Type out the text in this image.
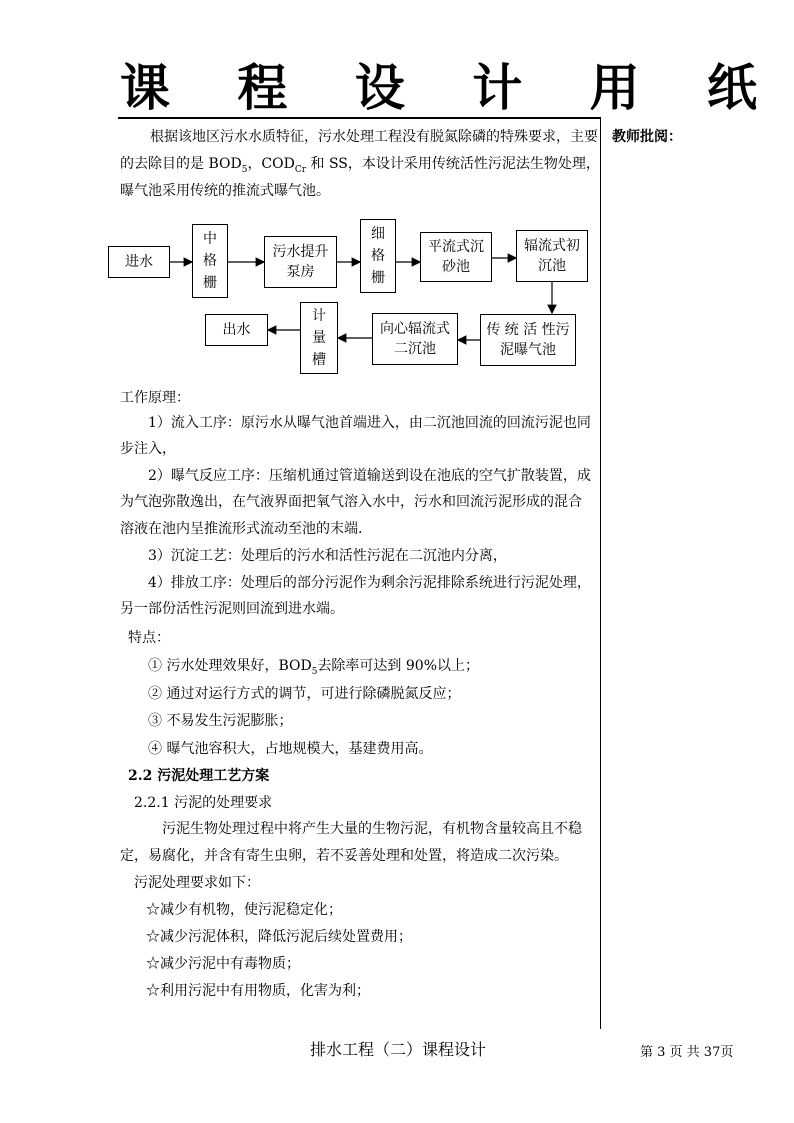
课 程 设 计 用 纸
教师批阅：

根据该地区污水水质特征，污水处理工程没有脱氮除磷的特殊要求，主要

的去除目的是 $BOD_5$，$COD_{Cr}$ 和 SS，本设计采用传统活性污泥法生物处理，

曝气池采用传统的推流式曝气池。

进水
中格栅
污水提升泵房
细格栅
平流式沉砂池
辐流式初沉池
传 统 活 性污泥曝气池
向心辐流式二沉池
计量槽
出水

工作原理：

1）流入工序：原污水从曝气池首端进入，由二沉池回流的回流污泥也同

步注入，

2）曝气反应工序：压缩机通过管道输送到设在池底的空气扩散装置，成

为气泡弥散逸出，在气液界面把氧气溶入水中，污水和回流污泥形成的混合

溶液在池内呈推流形式流动至池的末端.

3）沉淀工艺：处理后的污水和活性污泥在二沉池内分离，

4）排放工序：处理后的部分污泥作为剩余污泥排除系统进行污泥处理，

另一部份活性污泥则回流到进水端。

特点：

① 污水处理效果好，$BOD_5$去除率可达到 90%以上；

② 通过对运行方式的调节，可进行除磷脱氮反应；

③ 不易发生污泥膨胀；

④ 曝气池容积大，占地规模大，基建费用高。

2.2 污泥处理工艺方案

2.2.1 污泥的处理要求

污泥生物处理过程中将产生大量的生物污泥，有机物含量较高且不稳

定，易腐化，并含有寄生虫卵，若不妥善处理和处置，将造成二次污染。

污泥处理要求如下：

☆减少有机物，使污泥稳定化；

☆减少污泥体积，降低污泥后续处置费用；

☆减少污泥中有毒物质；

☆利用污泥中有用物质，化害为利；

排水工程（二）课程设计	第 3 页 共 37页
